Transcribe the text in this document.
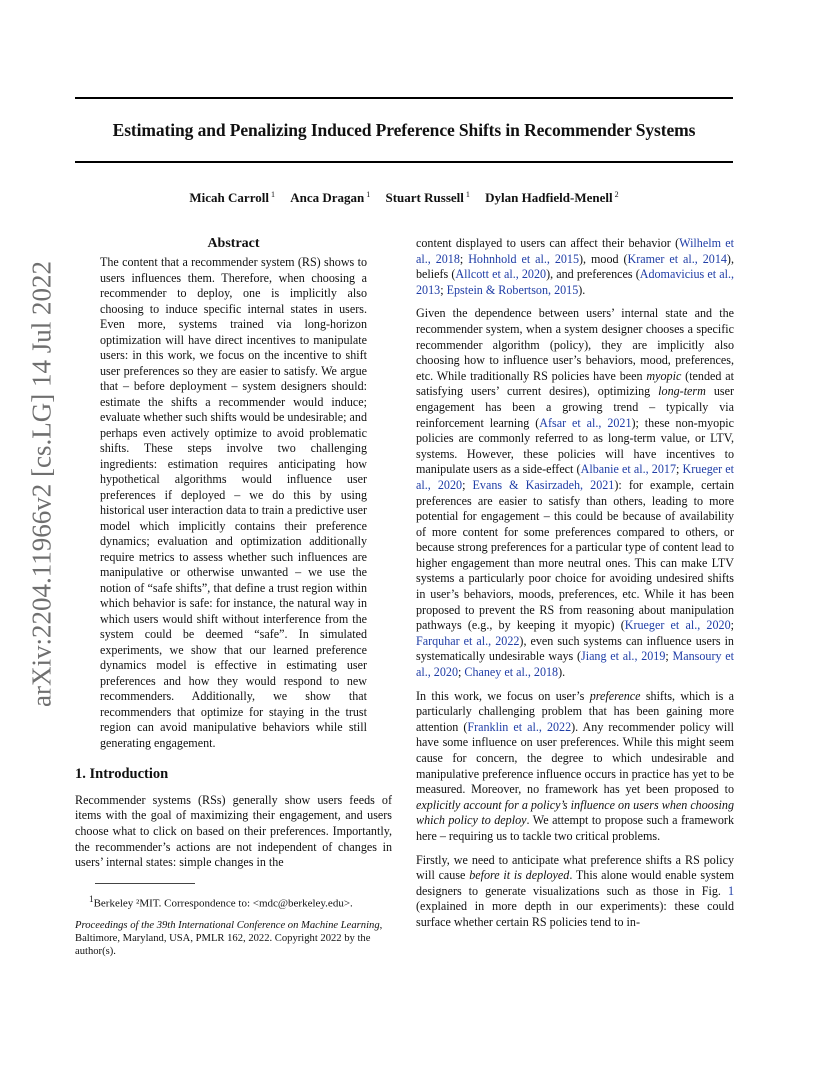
Estimating and Penalizing Induced Preference Shifts in Recommender Systems
Micah Carroll $^1$ Anca Dragan $^1$ Stuart Russell $^1$ Dylan Hadfield-Menell $^2$
arXiv:2204.11966v2 [cs.LG] 14 Jul 2022
Abstract

The content that a recommender system (RS) shows to users influences them. Therefore, when choosing a recommender to deploy, one is implicitly also choosing to induce specific internal states in users. Even more, systems trained via long-horizon optimization will have direct incentives to manipulate users: in this work, we focus on the incentive to shift user preferences so they are easier to satisfy. We argue that – before deployment – system designers should: estimate the shifts a recommender would induce; evaluate whether such shifts would be undesirable; and perhaps even actively optimize to avoid problematic shifts. These steps involve two challenging ingredients: estimation requires anticipating how hypothetical algorithms would influence user preferences if deployed – we do this by using historical user interaction data to train a predictive user model which implicitly contains their preference dynamics; evaluation and optimization additionally require metrics to assess whether such influences are manipulative or otherwise unwanted – we use the notion of “safe shifts”, that define a trust region within which behavior is safe: for instance, the natural way in which users would shift without interference from the system could be deemed “safe”. In simulated experiments, we show that our learned preference dynamics model is effective in estimating user preferences and how they would respond to new recommenders. Additionally, we show that recommenders that optimize for staying in the trust region can avoid manipulative behaviors while still generating engagement.

1. Introduction

Recommender systems (RSs) generally show users feeds of items with the goal of maximizing their engagement, and users choose what to click on based on their preferences. Importantly, the recommender’s actions are not independent of changes in users’ internal states: simple changes in the

$^1$Berkeley ²MIT. Correspondence to: <mdc@berkeley.edu>.

Proceedings of the 39th International Conference on Machine Learning, Baltimore, Maryland, USA, PMLR 162, 2022. Copyright 2022 by the author(s).

content displayed to users can affect their behavior (Wilhelm et al., 2018; Hohnhold et al., 2015), mood (Kramer et al., 2014), beliefs (Allcott et al., 2020), and preferences (Adomavicius et al., 2013; Epstein & Robertson, 2015).

Given the dependence between users’ internal state and the recommender system, when a system designer chooses a specific recommender algorithm (policy), they are implicitly also choosing how to influence user’s behaviors, mood, preferences, etc. While traditionally RS policies have been myopic (tended at satisfying users’ current desires), optimizing long-term user engagement has been a growing trend – typically via reinforcement learning (Afsar et al., 2021); these non-myopic policies are commonly referred to as long-term value, or LTV, systems. However, these policies will have incentives to manipulate users as a side-effect (Albanie et al., 2017; Krueger et al., 2020; Evans & Kasirzadeh, 2021): for example, certain preferences are easier to satisfy than others, leading to more potential for engagement – this could be because of availability of more content for some preferences compared to others, or because strong preferences for a particular type of content lead to higher engagement than more neutral ones. This can make LTV systems a particularly poor choice for avoiding undesired shifts in user’s behaviors, moods, preferences, etc. While it has been proposed to prevent the RS from reasoning about manipulation pathways (e.g., by keeping it myopic) (Krueger et al., 2020; Farquhar et al., 2022), even such systems can influence users in systematically undesirable ways (Jiang et al., 2019; Mansoury et al., 2020; Chaney et al., 2018).

In this work, we focus on user’s preference shifts, which is a particularly challenging problem that has been gaining more attention (Franklin et al., 2022). Any recommender policy will have some influence on user preferences. While this might seem cause for concern, the degree to which undesirable and manipulative preference influence occurs in practice has yet to be measured. Moreover, no framework has yet been proposed to explicitly account for a policy’s influence on users when choosing which policy to deploy. We attempt to propose such a framework here – requiring us to tackle two critical problems.

Firstly, we need to anticipate what preference shifts a RS policy will cause before it is deployed. This alone would enable system designers to generate visualizations such as those in Fig. 1 (explained in more depth in our experiments): these could surface whether certain RS policies tend to in-
